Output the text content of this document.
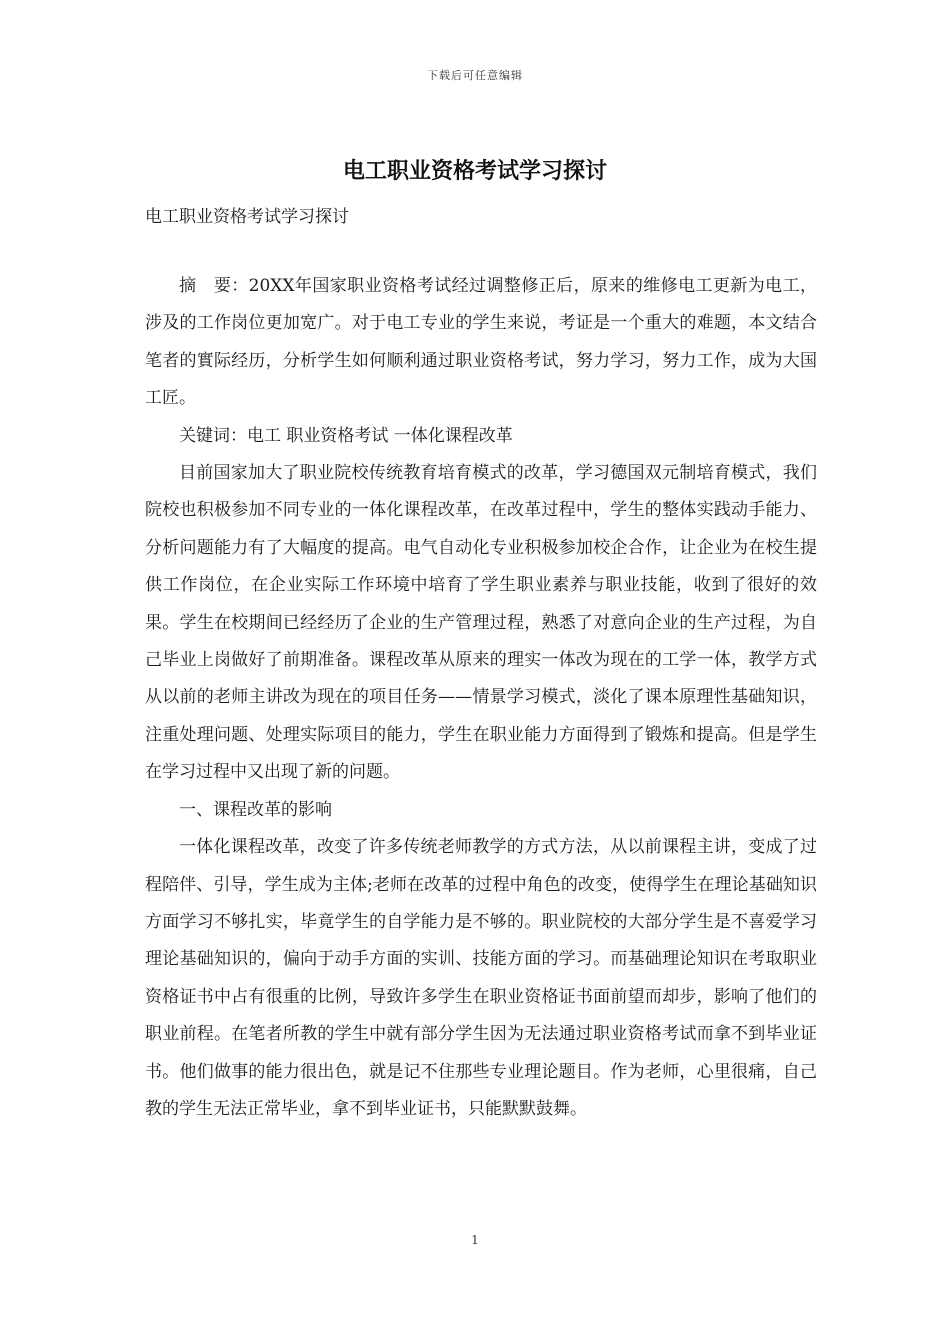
下载后可任意编辑
电工职业资格考试学习探讨
电工职业资格考试学习探讨

摘　要：20XX年国家职业资格考试经过调整修正后，原来的维修电工更新为电工，涉及的工作岗位更加宽广。对于电工专业的学生来说，考证是一个重大的难题，本文结合笔者的實际经历，分析学生如何顺利通过职业资格考试，努力学习，努力工作，成为大国工匠。

关键词：电工 职业资格考试 一体化课程改革

目前国家加大了职业院校传统教育培育模式的改革，学习德国双元制培育模式，我们院校也积极参加不同专业的一体化课程改革，在改革过程中，学生的整体实践动手能力、分析问题能力有了大幅度的提高。电气自动化专业积极参加校企合作，让企业为在校生提供工作岗位，在企业实际工作环境中培育了学生职业素养与职业技能，收到了很好的效果。学生在校期间已经经历了企业的生产管理过程，熟悉了对意向企业的生产过程，为自己毕业上岗做好了前期准备。课程改革从原来的理实一体改为现在的工学一体，教学方式从以前的老师主讲改为现在的项目任务——情景学习模式，淡化了课本原理性基础知识，注重处理问题、处理实际项目的能力，学生在职业能力方面得到了锻炼和提高。但是学生在学习过程中又出现了新的问题。

一、课程改革的影响

一体化课程改革，改变了许多传统老师教学的方式方法，从以前课程主讲，变成了过程陪伴、引导，学生成为主体;老师在改革的过程中角色的改变，使得学生在理论基础知识方面学习不够扎实，毕竟学生的自学能力是不够的。职业院校的大部分学生是不喜爱学习理论基础知识的，偏向于动手方面的实训、技能方面的学习。而基础理论知识在考取职业资格证书中占有很重的比例，导致许多学生在职业资格证书面前望而却步，影响了他们的职业前程。在笔者所教的学生中就有部分学生因为无法通过职业资格考试而拿不到毕业证书。他们做事的能力很出色，就是记不住那些专业理论题目。作为老师，心里很痛，自己教的学生无法正常毕业，拿不到毕业证书，只能默默鼓舞。

1
